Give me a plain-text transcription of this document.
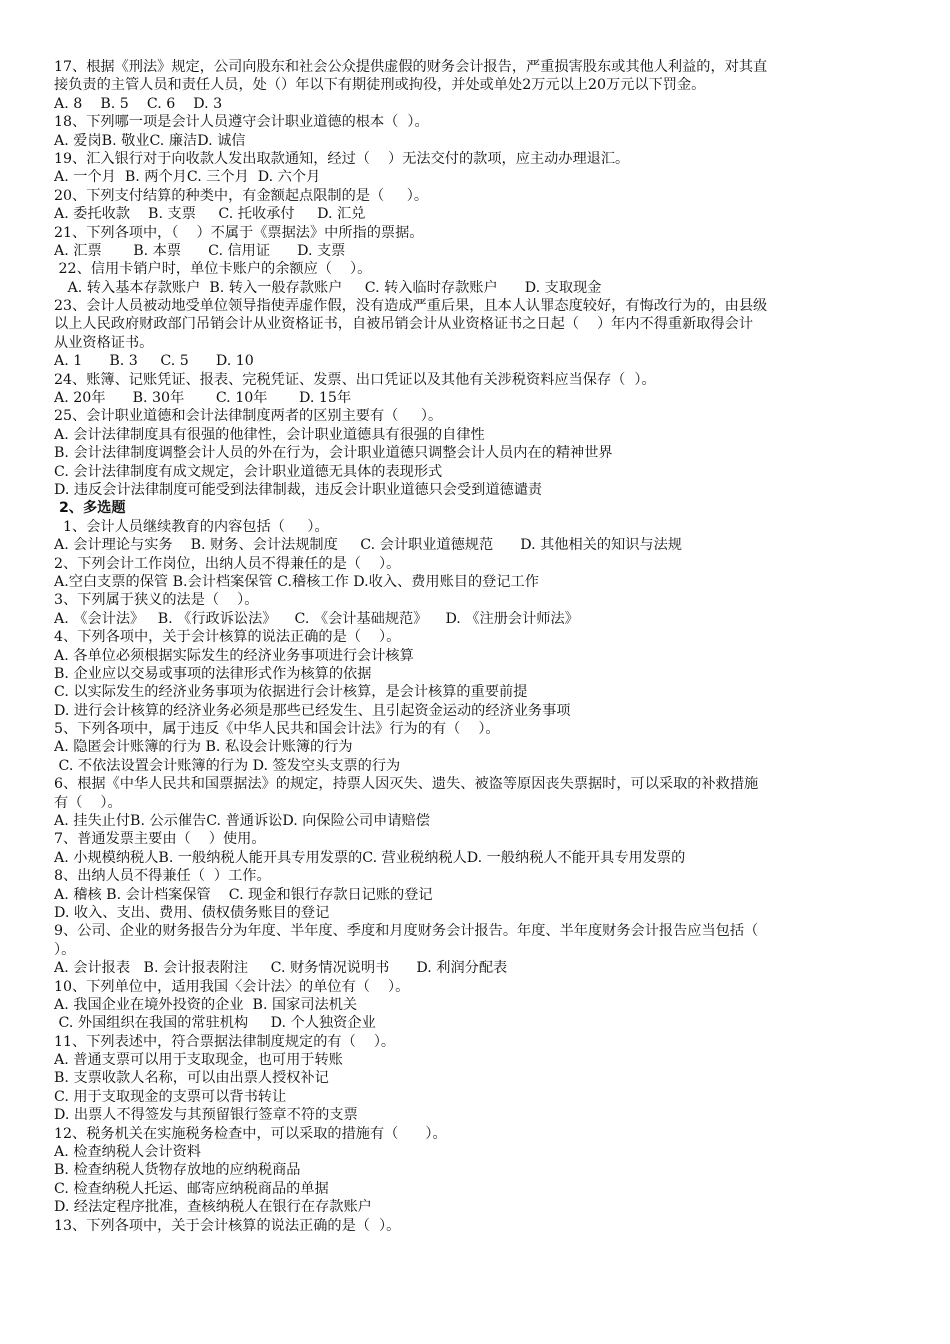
17、根据《刑法》规定，公司向股东和社会公众提供虚假的财务会计报告，严重损害股东或其他人利益的，对其直
接负责的主管人员和责任人员，处（）年以下有期徒刑或拘役，并处或单处2万元以上20万元以下罚金。
A. 8    B. 5    C. 6    D. 3
18、下列哪一项是会计人员遵守会计职业道德的根本（  ）。
A. 爱岗B. 敬业C. 廉洁D. 诚信
19、汇入银行对于向收款人发出取款通知，经过（    ）无法交付的款项，应主动办理退汇。
A. 一个月  B. 两个月C. 三个月  D. 六个月
20、下列支付结算的种类中，有金额起点限制的是（     ）。
A. 委托收款    B. 支票     C. 托收承付     D. 汇兑
21、下列各项中，（    ）不属于《票据法》中所指的票据。
A. 汇票       B. 本票      C. 信用证      D. 支票
22、信用卡销户时，单位卡账户的余额应（    ）。
A. 转入基本存款账户  B. 转入一般存款账户     C. 转入临时存款账户      D. 支取现金
23、会计人员被动地受单位领导指使弄虚作假，没有造成严重后果，且本人认罪态度较好，有悔改行为的，由县级
以上人民政府财政部门吊销会计从业资格证书，自被吊销会计从业资格证书之日起（    ）年内不得重新取得会计
从业资格证书。
A. 1      B. 3     C. 5      D. 10
24、账簿、记账凭证、报表、完税凭证、发票、出口凭证以及其他有关涉税资料应当保存（  ）。
A. 20年      B. 30年       C. 10年       D. 15年
25、会计职业道德和会计法律制度两者的区别主要有（     ）。
A. 会计法律制度具有很强的他律性，会计职业道德具有很强的自律性
B. 会计法律制度调整会计人员的外在行为，会计职业道德只调整会计人员内在的精神世界
C. 会计法律制度有成文规定，会计职业道德无具体的表现形式
D. 违反会计法律制度可能受到法律制裁，违反会计职业道德只会受到道德谴责
2、多选题
1、会计人员继续教育的内容包括（     ）。
A. 会计理论与实务    B. 财务、会计法规制度     C. 会计职业道德规范      D. 其他相关的知识与法规
2、下列会计工作岗位，出纳人员不得兼任的是（    ）。
A.空白支票的保管 B.会计档案保管 C.稽核工作 D.收入、费用账目的登记工作
3、下列属于狭义的法是（    ）。
A. 《会计法》   B. 《行政诉讼法》    C. 《会计基础规范》    D. 《注册会计师法》
4、下列各项中，关于会计核算的说法正确的是（    ）。
A. 各单位必须根据实际发生的经济业务事项进行会计核算
B. 企业应以交易或事项的法律形式作为核算的依据
C. 以实际发生的经济业务事项为依据进行会计核算，是会计核算的重要前提
D. 进行会计核算的经济业务必须是那些已经发生、且引起资金运动的经济业务事项
5、下列各项中，属于违反《中华人民共和国会计法》行为的有（    ）。
A. 隐匿会计账簿的行为 B. 私设会计账簿的行为
C. 不依法设置会计账簿的行为 D. 签发空头支票的行为
6、根据《中华人民共和国票据法》的规定，持票人因灭失、遗失、被盗等原因丧失票据时，可以采取的补救措施
有（    ）。
A. 挂失止付B. 公示催告C. 普通诉讼D. 向保险公司申请赔偿
7、普通发票主要由（    ）使用。
A. 小规模纳税人B. 一般纳税人能开具专用发票的C. 营业税纳税人D. 一般纳税人不能开具专用发票的
8、出纳人员不得兼任（  ）工作。
A. 稽核 B. 会计档案保管    C. 现金和银行存款日记账的登记
D. 收入、支出、费用、债权债务账目的登记
9、公司、企业的财务报告分为年度、半年度、季度和月度财务会计报告。年度、半年度财务会计报告应当包括（
）。
A. 会计报表   B. 会计报表附注     C. 财务情况说明书      D. 利润分配表
10、下列单位中，适用我国〈会计法〉的单位有（    ）。
A. 我国企业在境外投资的企业  B. 国家司法机关
C. 外国组织在我国的常驻机构     D. 个人独资企业
11、下列表述中，符合票据法律制度规定的有（    ）。
A. 普通支票可以用于支取现金，也可用于转账
B. 支票收款人名称，可以由出票人授权补记
C. 用于支取现金的支票可以背书转让
D. 出票人不得签发与其预留银行签章不符的支票
12、税务机关在实施税务检查中，可以采取的措施有（      ）。
A. 检查纳税人会计资料
B. 检查纳税人货物存放地的应纳税商品
C. 检查纳税人托运、邮寄应纳税商品的单据
D. 经法定程序批准，查核纳税人在银行在存款账户
13、下列各项中，关于会计核算的说法正确的是（  ）。
